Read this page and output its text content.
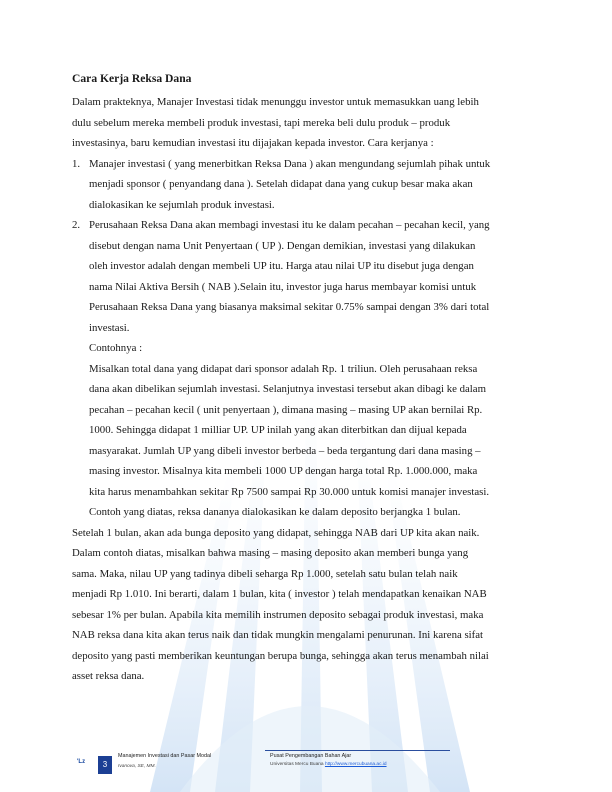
Cara Kerja Reksa Dana

Dalam prakteknya, Manajer Investasi tidak menunggu investor untuk memasukkan uang lebih

dulu sebelum mereka membeli produk investasi, tapi mereka beli dulu produk – produk

investasinya, baru kemudian investasi itu dijajakan kepada investor. Cara kerjanya :

1. Manajer investasi ( yang menerbitkan Reksa Dana ) akan mengundang sejumlah pihak untuk

menjadi sponsor ( penyandang dana ). Setelah didapat dana yang cukup besar maka akan

dialokasikan ke sejumlah produk investasi.

2. Perusahaan Reksa Dana akan membagi investasi itu ke dalam pecahan – pecahan kecil, yang

disebut dengan nama Unit Penyertaan ( UP ). Dengan demikian, investasi yang dilakukan

oleh investor adalah dengan membeli UP itu. Harga atau nilai UP itu disebut juga dengan

nama Nilai Aktiva Bersih ( NAB ).Selain itu, investor juga harus membayar komisi untuk

Perusahaan Reksa Dana yang biasanya maksimal sekitar 0.75% sampai dengan 3% dari total

investasi.

Contohnya :

Misalkan total dana yang didapat dari sponsor adalah Rp. 1 triliun. Oleh perusahaan reksa

dana akan dibelikan sejumlah investasi. Selanjutnya investasi tersebut akan dibagi ke dalam

pecahan – pecahan kecil ( unit penyertaan ), dimana masing – masing UP akan bernilai Rp.

1000. Sehingga didapat 1 milliar UP. UP inilah yang akan diterbitkan dan dijual kepada

masyarakat. Jumlah UP yang dibeli investor berbeda – beda tergantung dari dana masing –

masing investor. Misalnya kita membeli 1000 UP dengan harga total Rp. 1.000.000, maka

kita harus menambahkan sekitar Rp 7500 sampai Rp 30.000 untuk komisi manajer investasi.

Contoh yang diatas, reksa dananya dialokasikan ke dalam deposito berjangka 1 bulan.

Setelah 1 bulan, akan ada bunga deposito yang didapat, sehingga NAB dari UP kita akan naik.

Dalam contoh diatas, misalkan bahwa masing – masing deposito akan memberi bunga yang

sama. Maka, nilau UP yang tadinya dibeli seharga Rp 1.000, setelah satu bulan telah naik

menjadi Rp 1.010. Ini berarti, dalam 1 bulan, kita ( investor ) telah mendapatkan kenaikan NAB

sebesar 1% per bulan. Apabila kita memilih instrumen deposito sebagai produk investasi, maka

NAB reksa dana kita akan terus naik dan tidak mungkin mengalami penurunan. Ini karena sifat

deposito yang pasti memberikan keuntungan berupa bunga, sehingga akan terus menambah nilai

asset reksa dana.

'Lz	3
Manajemen Investasi dan Pasar Modal
Ivanova, SE, MM.
Pusat Pengembangan Bahan Ajar
Universitas Mercu Buana http://www.mercubuana.ac.id
